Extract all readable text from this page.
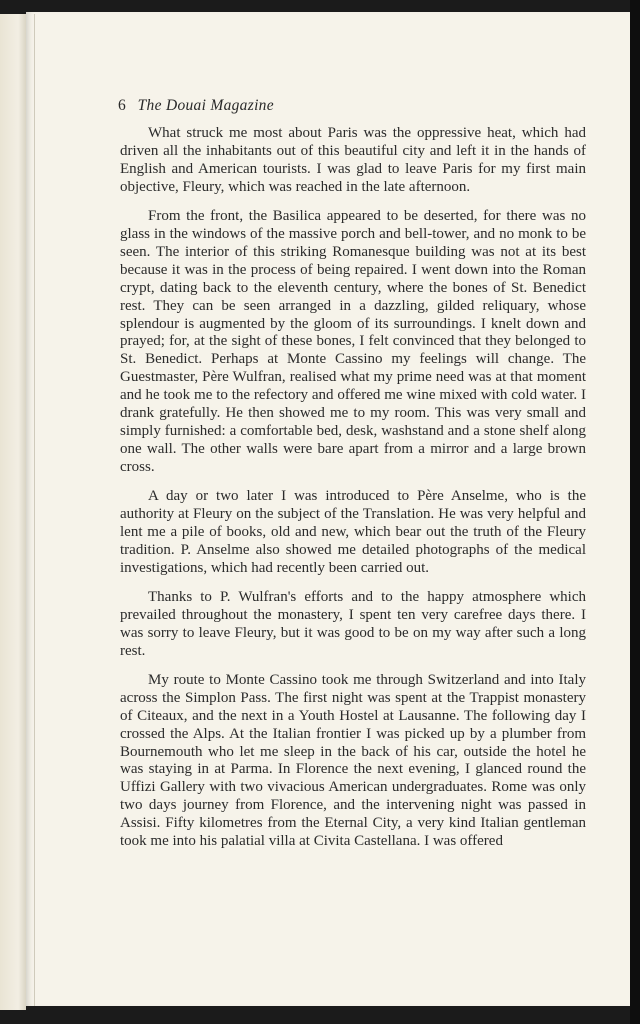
6 The Douai Magazine

What struck me most about Paris was the oppressive heat, which had driven all the inhabitants out of this beautiful city and left it in the hands of English and American tourists. I was glad to leave Paris for my first main objective, Fleury, which was reached in the late afternoon.

From the front, the Basilica appeared to be deserted, for there was no glass in the windows of the massive porch and bell-tower, and no monk to be seen. The interior of this striking Romanesque building was not at its best because it was in the process of being repaired. I went down into the Roman crypt, dating back to the eleventh century, where the bones of St. Benedict rest. They can be seen arranged in a dazzling, gilded reliquary, whose splendour is augmented by the gloom of its surroundings. I knelt down and prayed; for, at the sight of these bones, I felt convinced that they belonged to St. Benedict. Perhaps at Monte Cassino my feelings will change. The Guestmaster, Père Wulfran, realised what my prime need was at that moment and he took me to the refectory and offered me wine mixed with cold water. I drank gratefully. He then showed me to my room. This was very small and simply furnished: a comfortable bed, desk, washstand and a stone shelf along one wall. The other walls were bare apart from a mirror and a large brown cross.

A day or two later I was introduced to Père Anselme, who is the authority at Fleury on the subject of the Translation. He was very helpful and lent me a pile of books, old and new, which bear out the truth of the Fleury tradition. P. Anselme also showed me detailed photographs of the medical investigations, which had recently been carried out.

Thanks to P. Wulfran's efforts and to the happy atmosphere which prevailed throughout the monastery, I spent ten very carefree days there. I was sorry to leave Fleury, but it was good to be on my way after such a long rest.

My route to Monte Cassino took me through Switzerland and into Italy across the Simplon Pass. The first night was spent at the Trappist monastery of Citeaux, and the next in a Youth Hostel at Lausanne. The following day I crossed the Alps. At the Italian frontier I was picked up by a plumber from Bournemouth who let me sleep in the back of his car, outside the hotel he was staying in at Parma. In Florence the next evening, I glanced round the Uffizi Gallery with two vivacious American undergraduates. Rome was only two days journey from Florence, and the intervening night was passed in Assisi. Fifty kilometres from the Eternal City, a very kind Italian gentleman took me into his palatial villa at Civita Castellana. I was offered
